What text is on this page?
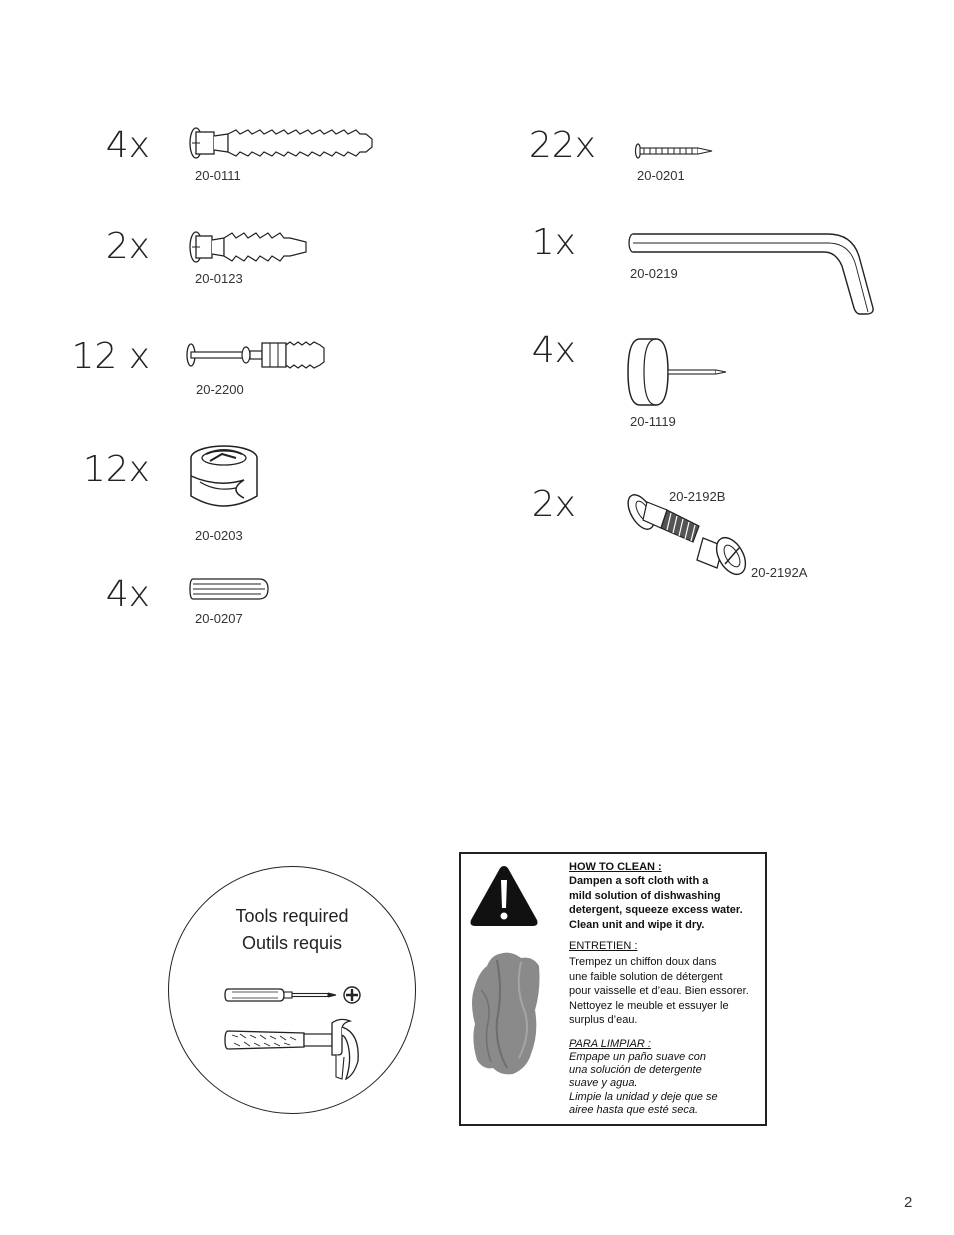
4x
20-0111
2x
20-0123
12 x
20-2200
12x
20-0203
4x
20-0207
22x
20-0201
1x
20-0219
4x
20-1119
2x	20-2192B
20-2192A
Tools required
Outils requis
HOW TO CLEAN :
Dampen a soft cloth with a
mild solution of dishwashing
detergent, squeeze excess water.
Clean unit and wipe it dry.
ENTRETIEN :
Trempez un chiffon doux dans
une faible solution de détergent
pour vaisselle et d’eau. Bien essorer.
Nettoyez le meuble et essuyer le
surplus d’eau.
PARA LIMPIAR :
Empape un paño suave con
una solución de detergente
suave y agua.
Limpie la unidad y deje que se
airee hasta que esté seca.
2
